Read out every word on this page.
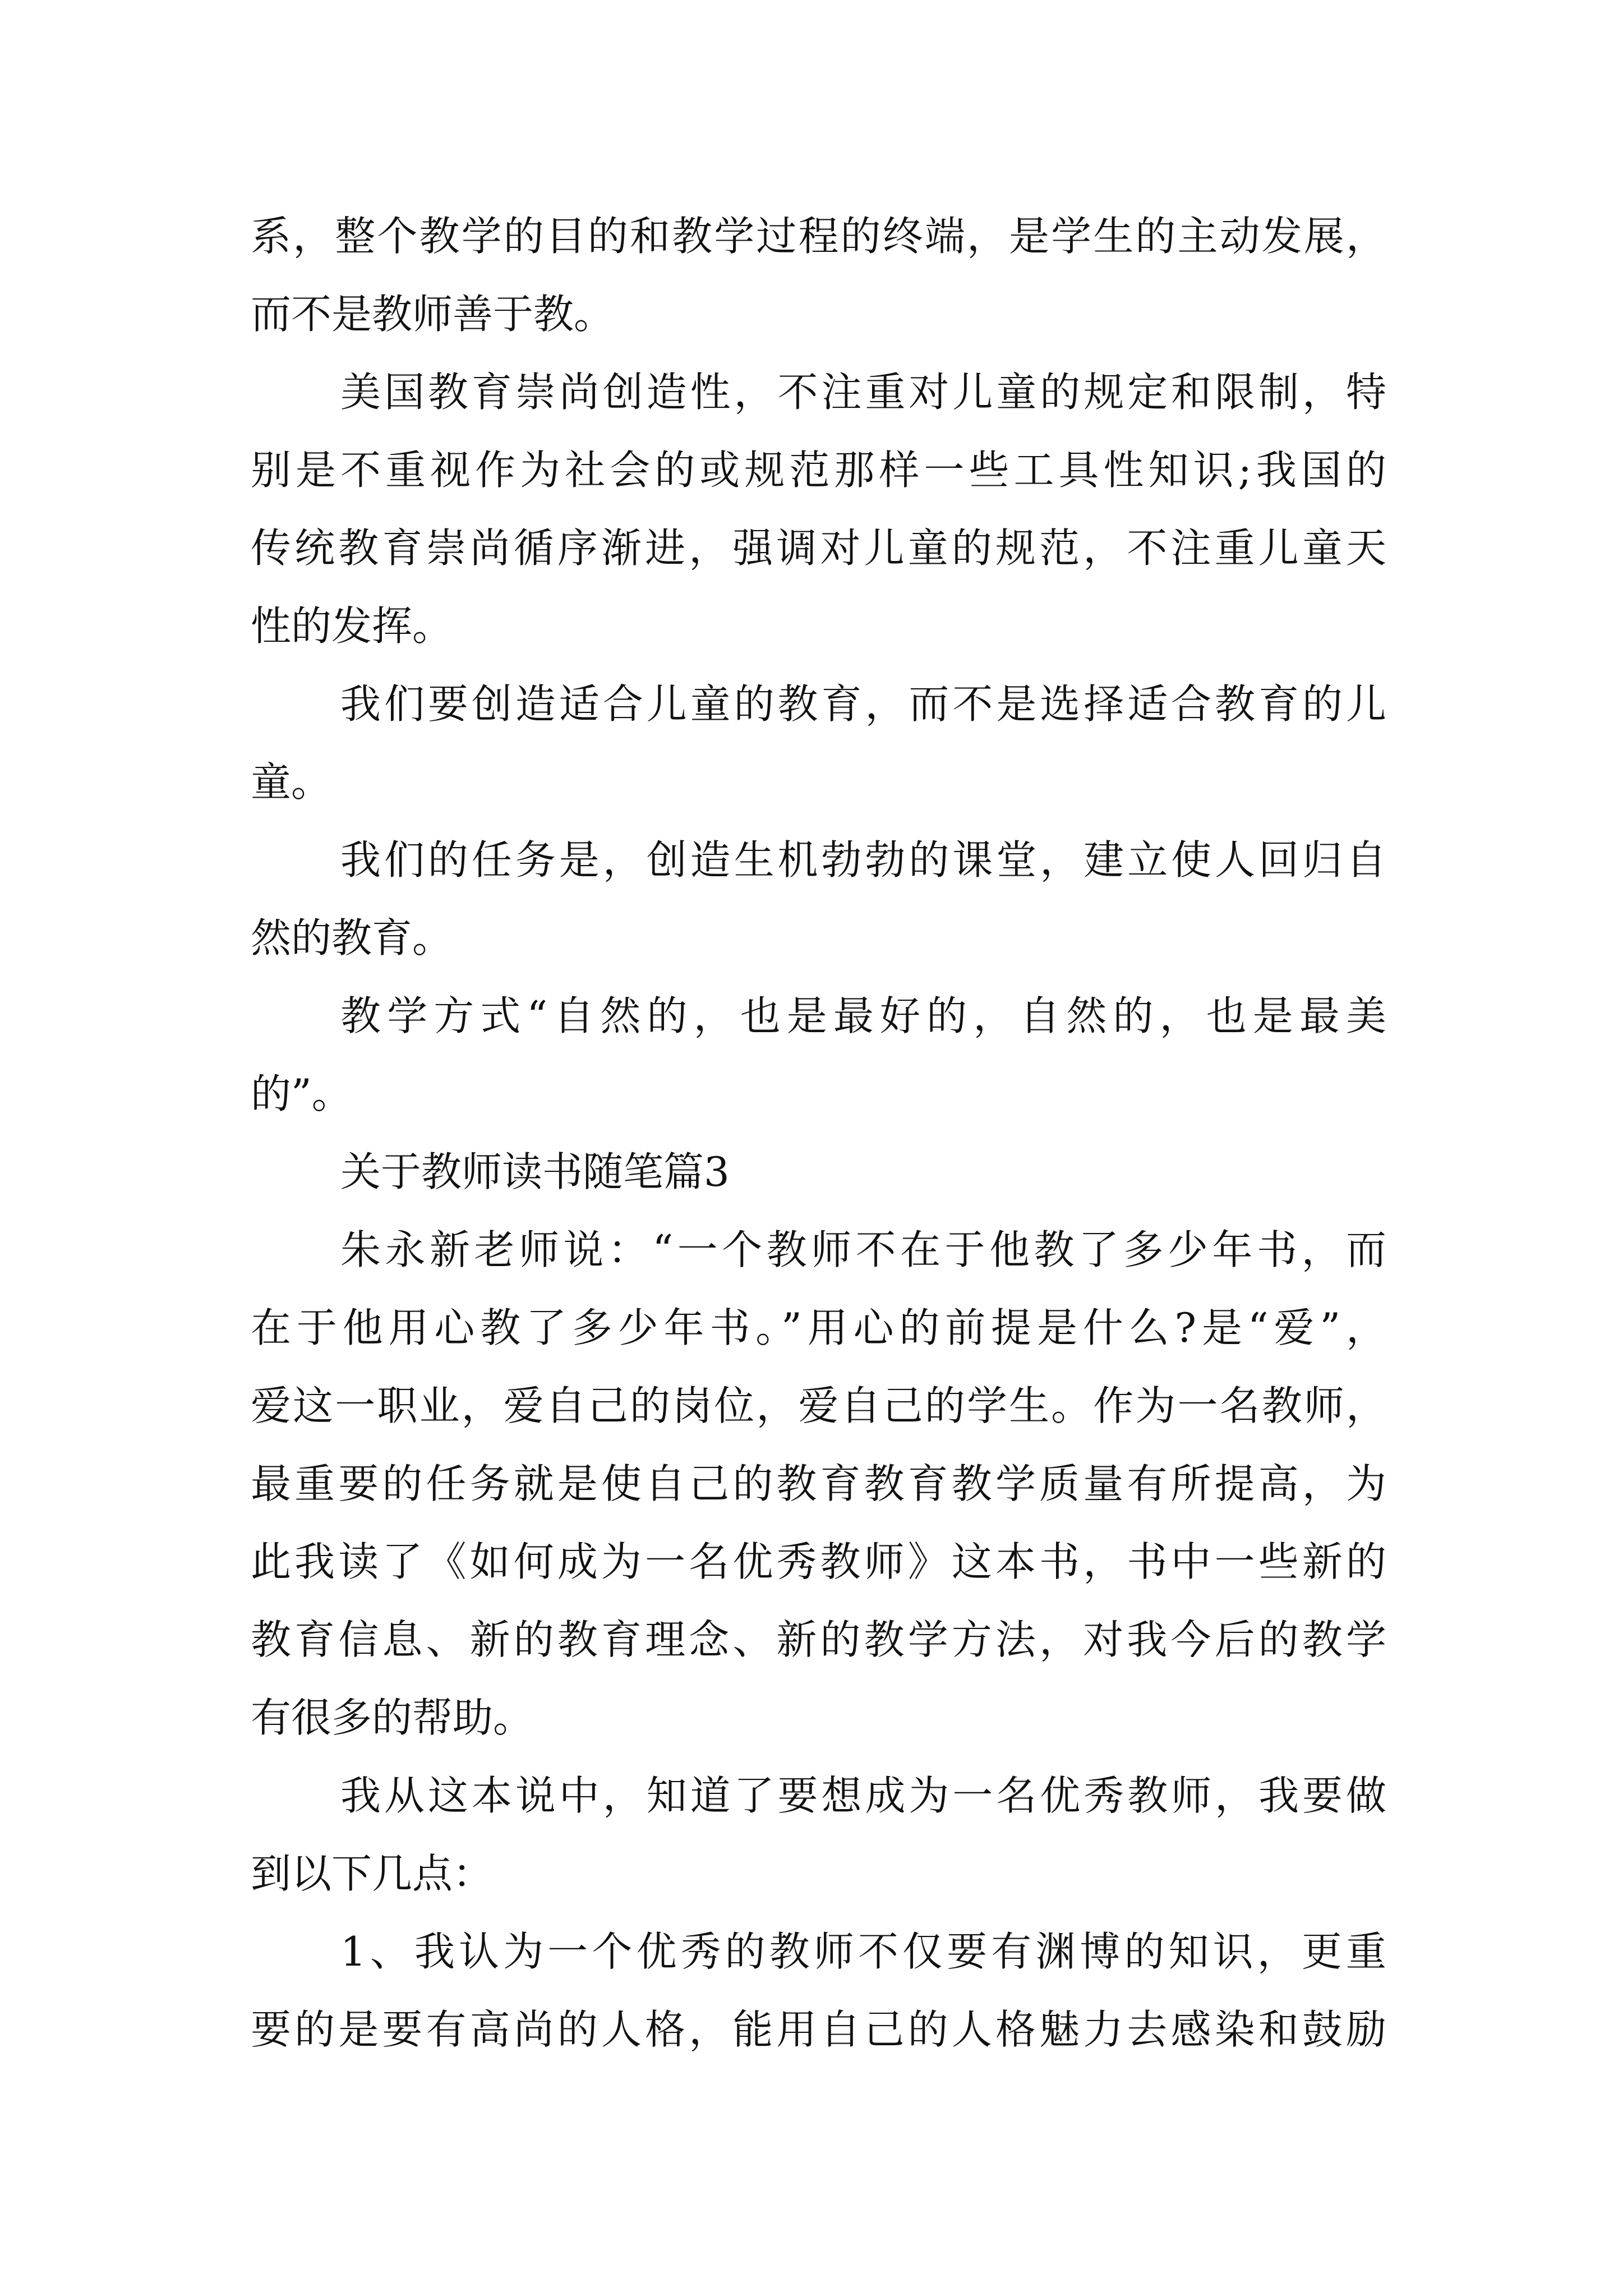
系，整个教学的目的和教学过程的终端，是学生的主动发展，
而不是教师善于教。
美国教育崇尚创造性，不注重对儿童的规定和限制，特
别是不重视作为社会的或规范那样一些工具性知识;我国的
传统教育崇尚循序渐进，强调对儿童的规范，不注重儿童天
性的发挥。
我们要创造适合儿童的教育，而不是选择适合教育的儿
童。
我们的任务是，创造生机勃勃的课堂，建立使人回归自
然的教育。
教学方式“自然的，也是最好的，自然的，也是最美
的”。
关于教师读书随笔篇3
朱永新老师说：“一个教师不在于他教了多少年书，而
在于他用心教了多少年书。”用心的前提是什么?是“爱”，
爱这一职业，爱自己的岗位，爱自己的学生。作为一名教师，
最重要的任务就是使自己的教育教育教学质量有所提高，为
此我读了《如何成为一名优秀教师》这本书，书中一些新的
教育信息、新的教育理念、新的教学方法，对我今后的教学
有很多的帮助。
我从这本说中，知道了要想成为一名优秀教师，我要做
到以下几点：
1、我认为一个优秀的教师不仅要有渊博的知识，更重
要的是要有高尚的人格，能用自己的人格魅力去感染和鼓励
